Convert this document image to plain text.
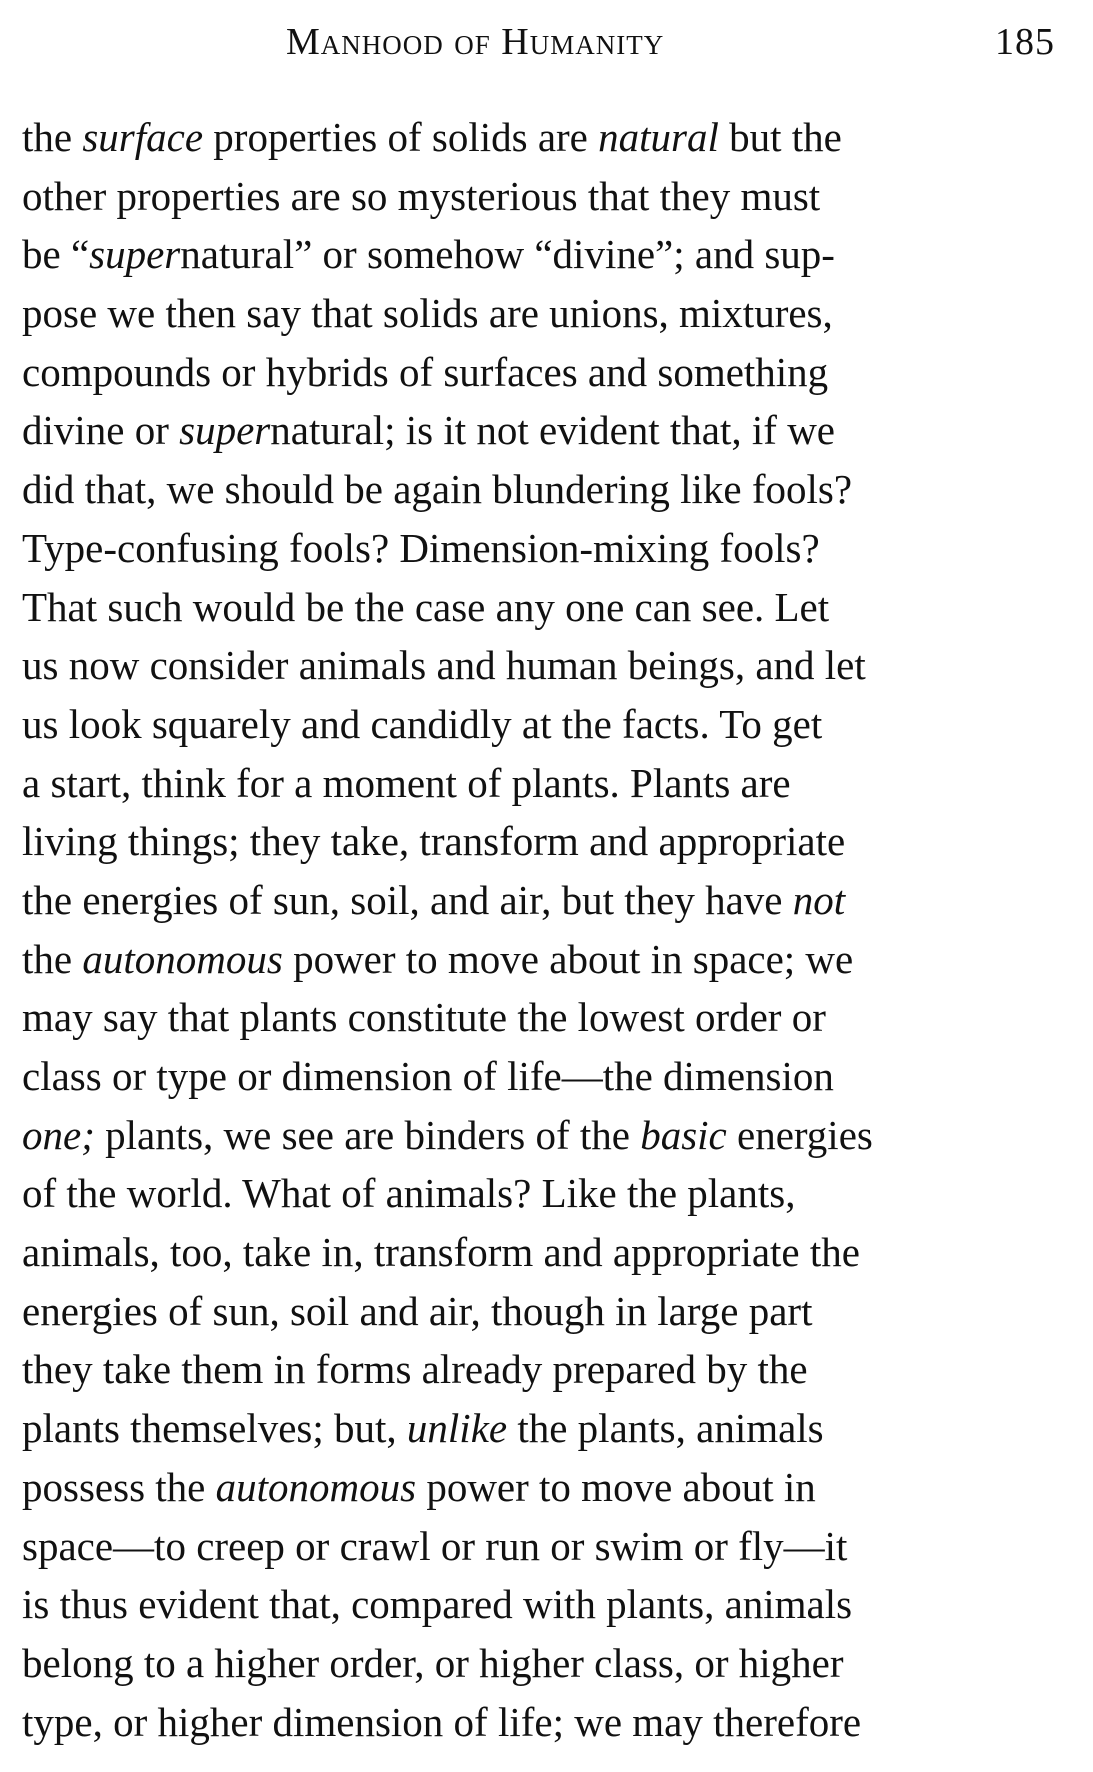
Manhood of Humanity	185
the surface properties of solids are natural but the
other properties are so mysterious that they must
be “supernatural” or somehow “divine”; and sup-
pose we then say that solids are unions, mixtures,
compounds or hybrids of surfaces and something
divine or supernatural; is it not evident that, if we
did that, we should be again blundering like fools?
Type-confusing fools? Dimension-mixing fools?
That such would be the case any one can see. Let
us now consider animals and human beings, and let
us look squarely and candidly at the facts. To get
a start, think for a moment of plants. Plants are
living things; they take, transform and appropriate
the energies of sun, soil, and air, but they have not
the autonomous power to move about in space; we
may say that plants constitute the lowest order or
class or type or dimension of life—the dimension
one; plants, we see are binders of the basic energies
of the world. What of animals? Like the plants,
animals, too, take in, transform and appropriate the
energies of sun, soil and air, though in large part
they take them in forms already prepared by the
plants themselves; but, unlike the plants, animals
possess the autonomous power to move about in
space—to creep or crawl or run or swim or fly—it
is thus evident that, compared with plants, animals
belong to a higher order, or higher class, or higher
type, or higher dimension of life; we may therefore
